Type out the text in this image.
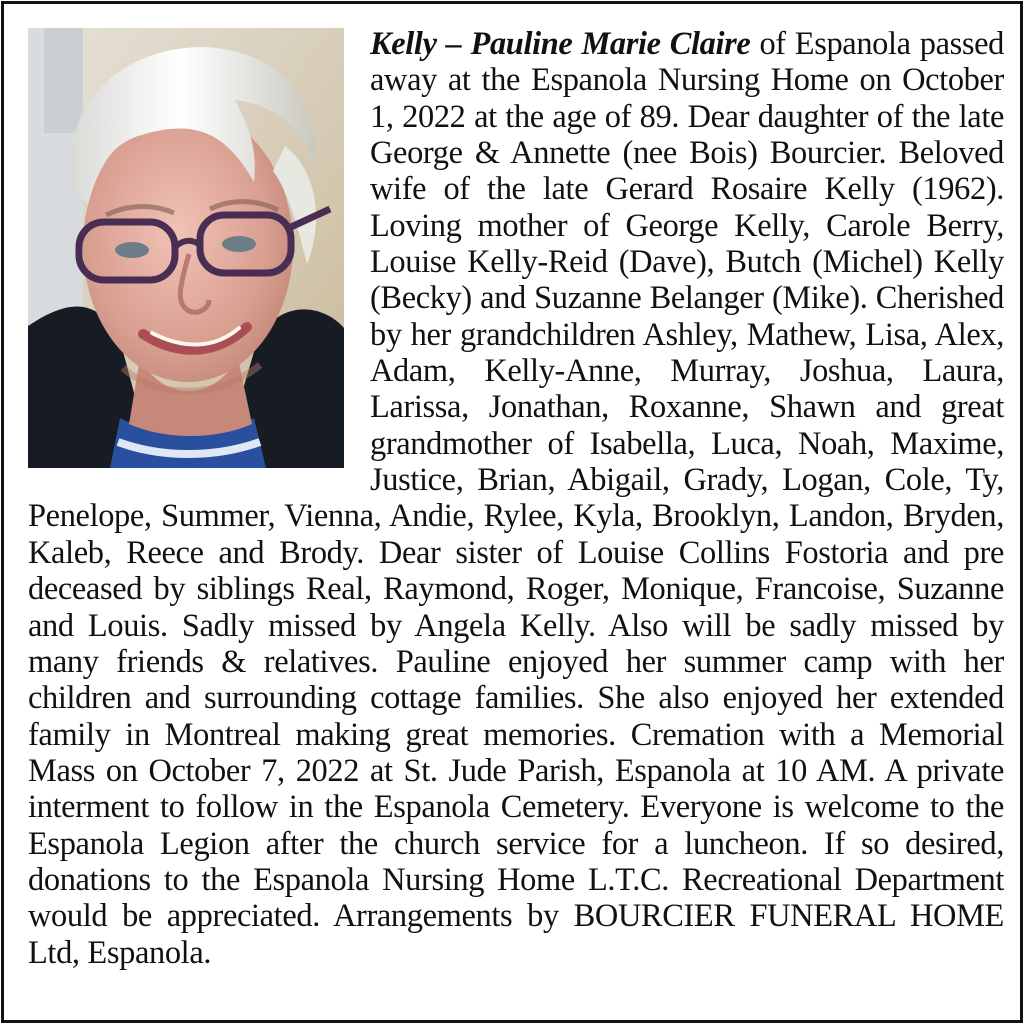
Kelly – Pauline Marie Claire of Espanola passed away at the Espanola Nursing Home on October 1, 2022 at the age of 89. Dear daughter of the late George & Annette (nee Bois) Bourcier. Beloved wife of the late Gerard Rosaire Kelly (1962). Loving mother of George Kelly, Carole Berry, Louise Kelly-Reid (Dave), Butch (Michel) Kelly (Becky) and Suzanne Belanger (Mike). Cherished by her grandchildren Ashley, Mathew, Lisa, Alex, Adam, Kelly-Anne, Murray, Joshua, Laura, Larissa, Jonathan, Roxanne, Shawn and great grandmother of Isabella, Luca, Noah, Maxime, Justice, Brian, Abigail, Grady, Logan, Cole, Ty, Penelope, Summer, Vienna, Andie, Rylee, Kyla, Brooklyn, Landon, Bryden, Kaleb, Reece and Brody. Dear sister of Louise Collins Fostoria and pre deceased by siblings Real, Raymond, Roger, Monique, Francoise, Suzanne and Louis. Sadly missed by Angela Kelly. Also will be sadly missed by many friends & relatives. Pauline enjoyed her summer camp with her children and surrounding cottage families. She also enjoyed her extended family in Montreal making great memories. Cremation with a Memorial Mass on October 7, 2022 at St. Jude Parish, Espanola at 10 AM. A private interment to follow in the Espanola Cemetery. Everyone is welcome to the Espanola Legion after the church service for a luncheon. If so desired, donations to the Espanola Nursing Home L.T.C. Recreational Department would be appreciated. Arrangements by BOURCIER FUNERAL HOME Ltd, Espanola.
